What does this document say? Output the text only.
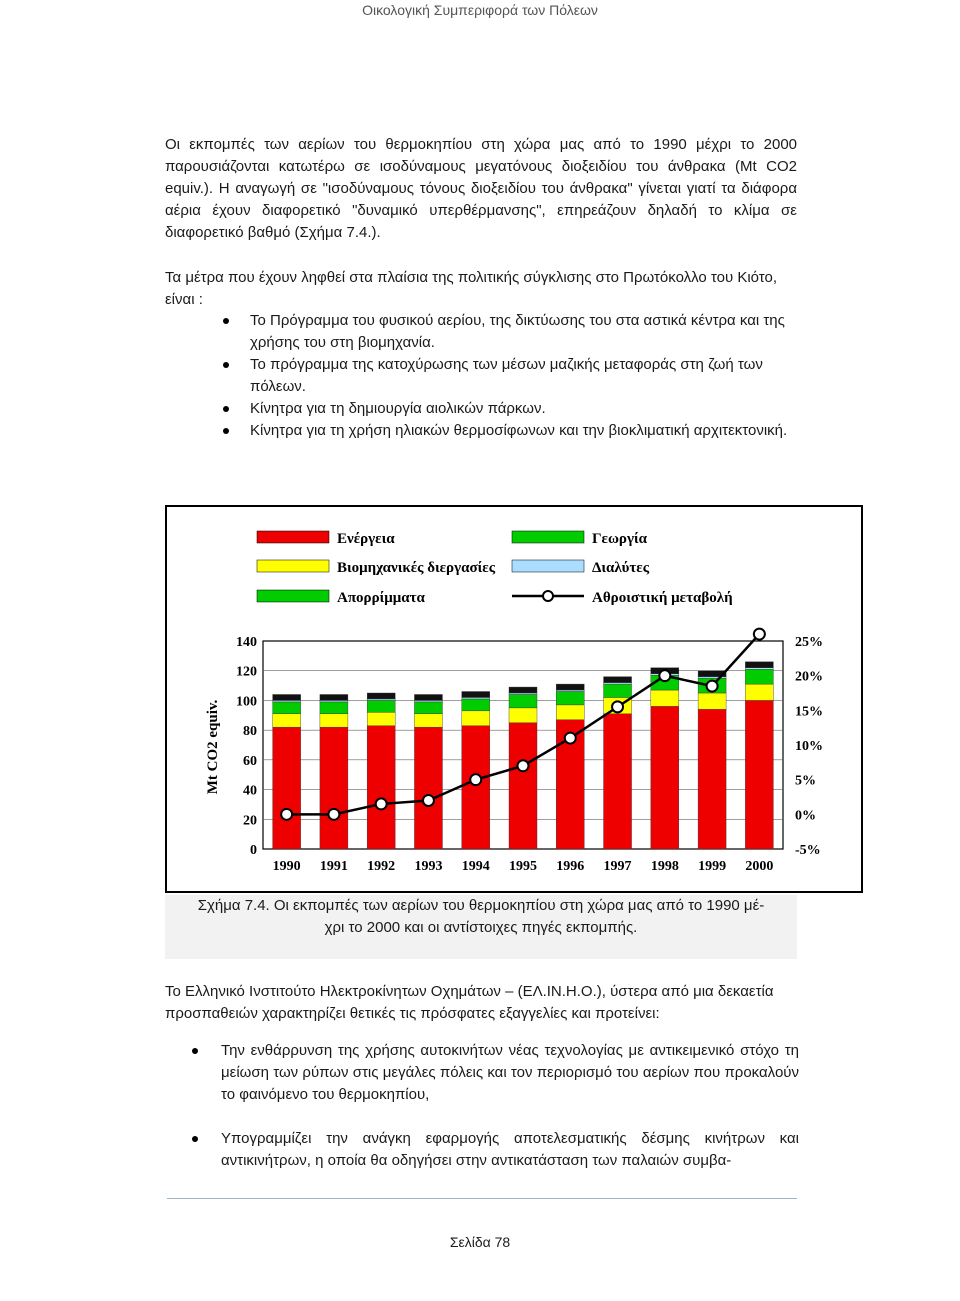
Οικολογική Συμπεριφορά των Πόλεων

Οι εκπομπές των αερίων του θερμοκηπίου στη χώρα μας από το 1990 μέχρι το 2000 παρουσιάζονται κατωτέρω σε ισοδύναμους μεγατόνους διοξειδίου του άνθρακα (Mt CO2 equiv.). Η αναγωγή σε "ισοδύναμους τόνους διοξειδίου του άνθρακα" γίνεται γιατί τα διάφορα αέρια έχουν διαφορετικό "δυναμικό υπερθέρμανσης", επηρεάζουν δηλαδή το κλίμα σε διαφορετικό βαθμό (Σχήμα 7.4.).

Τα μέτρα που έχουν ληφθεί στα πλαίσια της πολιτικής σύγκλισης στο Πρωτόκολλο του Κιότο, είναι :

Το Πρόγραμμα του φυσικού αερίου, της δικτύωσης του στα αστικά κέντρα και της χρήσης του στη βιομηχανία.
Το πρόγραμμα της κατοχύρωσης των μέσων μαζικής μεταφοράς στη ζωή των πόλεων.
Κίνητρα για τη δημιουργία αιολικών πάρκων.
Κίνητρα για τη χρήση ηλιακών θερμοσίφωνων και την βιοκλιματική αρχιτεκτονική.
Ενέργεια
Βιομηχανικές διεργασίες
Απορρίμματα
Γεωργία
Διαλύτες
Αθροιστική μεταβολή
Mt CO2 equiv.
0
20
40
60
80
100
120
140	25%
20%
15%
10%
5%
0%
-5%
1990 1991 1992 1993 1994 1995 1996 1997 1998 1999 2000
Σχήμα 7.4. Οι εκπομπές των αερίων του θερμοκηπίου στη χώρα μας από το 1990 μέ-
χρι το 2000 και οι αντίστοιχες πηγές εκπομπής.

Το Ελληνικό Ινστιτούτο Ηλεκτροκίνητων Οχημάτων – (ΕΛ.ΙΝ.Η.Ο.), ύστερα από μια δεκαετία προσπαθειών χαρακτηρίζει θετικές τις πρόσφατες εξαγγελίες και προτείνει:

Την ενθάρρυνση της χρήσης αυτοκινήτων νέας τεχνολογίας με αντικειμενικό στόχο τη μείωση των ρύπων στις μεγάλες πόλεις και τον περιορισμό του αερίων που προκαλούν το φαινόμενο του θερμοκηπίου,
Υπογραμμίζει την ανάγκη εφαρμογής αποτελεσματικής δέσμης κινήτρων και αντικινήτρων, η οποία θα οδηγήσει στην αντικατάσταση των παλαιών συμβα-
Σελίδα 78
